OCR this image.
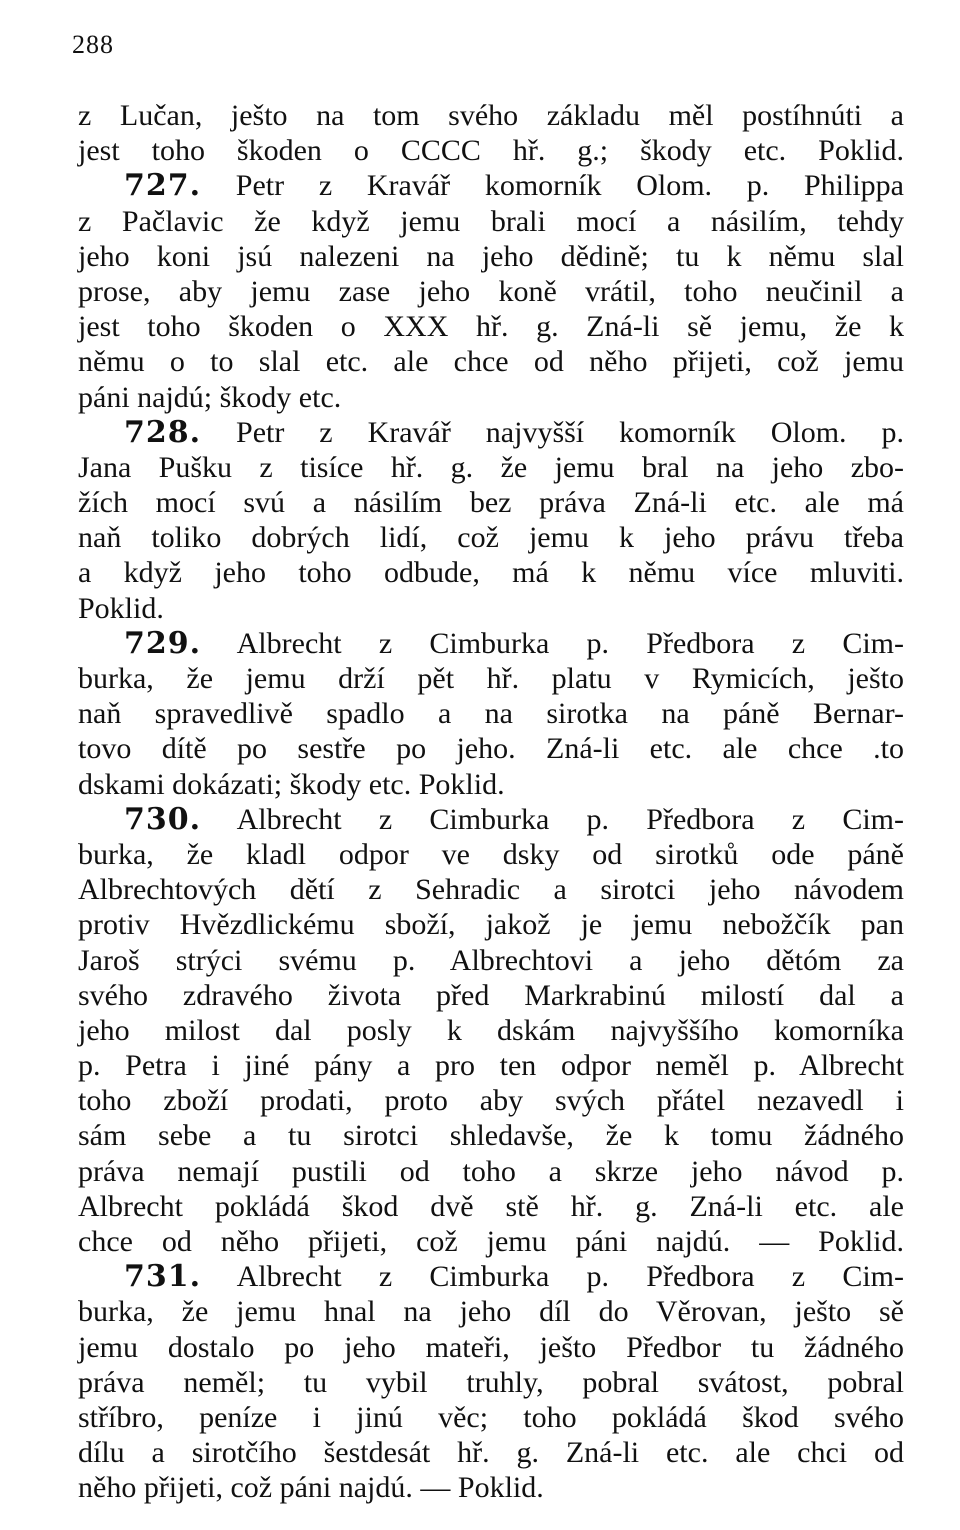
288
z Lučan, ješto na tom svého základu měl postíhnúti a
jest toho škoden o CCCC hř. g.; škody etc. Poklid.
727. Petr z Kravář komorník Olom. p. Philippa
z Pačlavic že když jemu brali mocí a násilím, tehdy
jeho koni jsú nalezeni na jeho dědině; tu k němu slal
prose, aby jemu zase jeho koně vrátil, toho neučinil a
jest toho škoden o XXX hř. g. Zná-li sě jemu, že k
němu o to slal etc. ale chce od něho přijeti, což jemu
páni najdú; škody etc.
728. Petr z Kravář najvyšší komorník Olom. p.
Jana Pušku z tisíce hř. g. že jemu bral na jeho zbo-
žích mocí svú a násilím bez práva Zná-li etc. ale má
naň toliko dobrých lidí, což jemu k jeho právu třeba
a když jeho toho odbude, má k němu více mluviti.
Poklid.
729. Albrecht z Cimburka p. Předbora z Cim-
burka, že jemu drží pět hř. platu v Rymicích, ješto
naň spravedlivě spadlo a na sirotka na páně Bernar-
tovo dítě po sestře po jeho. Zná-li etc. ale chce .to
dskami dokázati; škody etc. Poklid.
730. Albrecht z Cimburka p. Předbora z Cim-
burka, že kladl odpor ve dsky od sirotků ode páně
Albrechtových dětí z Sehradic a sirotci jeho návodem
protiv Hvězdlickému sboží, jakož je jemu nebožčík pan
Jaroš strýci svému p. Albrechtovi a jeho dětóm za
svého zdravého života před Markrabinú milostí dal a
jeho milost dal posly k dskám najvyššího komorníka
p. Petra i jiné pány a pro ten odpor neměl p. Albrecht
toho zboží prodati, proto aby svých přátel nezavedl i
sám sebe a tu sirotci shledavše, že k tomu žádného
práva nemají pustili od toho a skrze jeho návod p.
Albrecht pokládá škod dvě stě hř. g. Zná-li etc. ale
chce od něho přijeti, což jemu páni najdú. — Poklid.
731. Albrecht z Cimburka p. Předbora z Cim-
burka, že jemu hnal na jeho díl do Věrovan, ješto sě
jemu dostalo po jeho mateři, ješto Předbor tu žádného
práva neměl; tu vybil truhly, pobral svátost, pobral
stříbro, peníze i jinú věc; toho pokládá škod svého
dílu a sirotčího šestdesát hř. g. Zná-li etc. ale chci od
něho přijeti, což páni najdú. — Poklid.
